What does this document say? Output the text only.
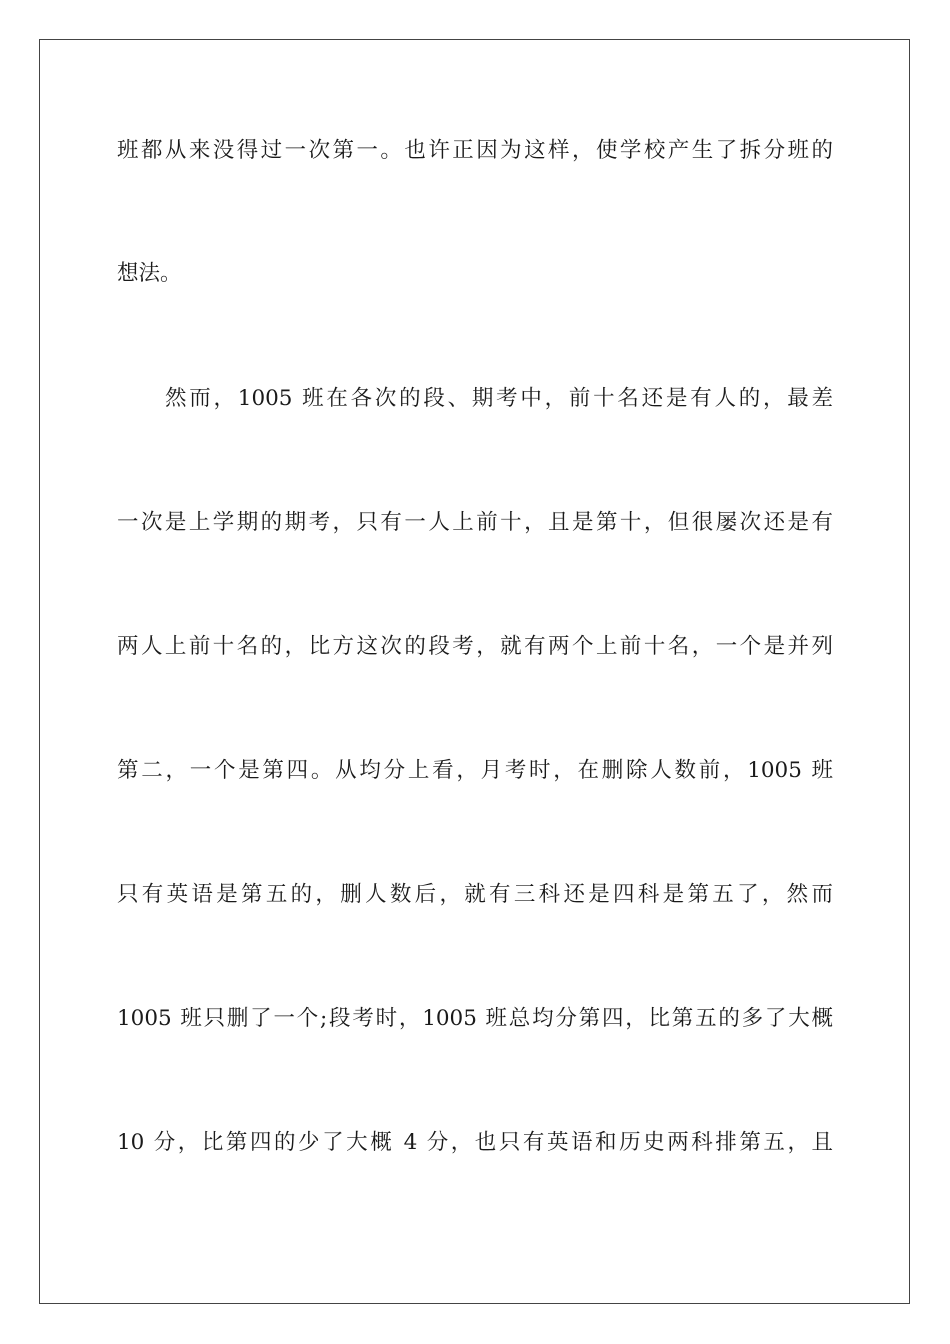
班都从来没得过一次第一。也许正因为这样，使学校产生了拆分班的
想法。
然而，1005 班在各次的段、期考中，前十名还是有人的，最差
一次是上学期的期考，只有一人上前十，且是第十，但很屡次还是有
两人上前十名的，比方这次的段考，就有两个上前十名，一个是并列
第二，一个是第四。从均分上看，月考时，在删除人数前，1005 班
只有英语是第五的，删人数后，就有三科还是四科是第五了，然而
1005 班只删了一个;段考时，1005 班总均分第四，比第五的多了大概
10 分，比第四的少了大概 4 分，也只有英语和历史两科排第五，且
